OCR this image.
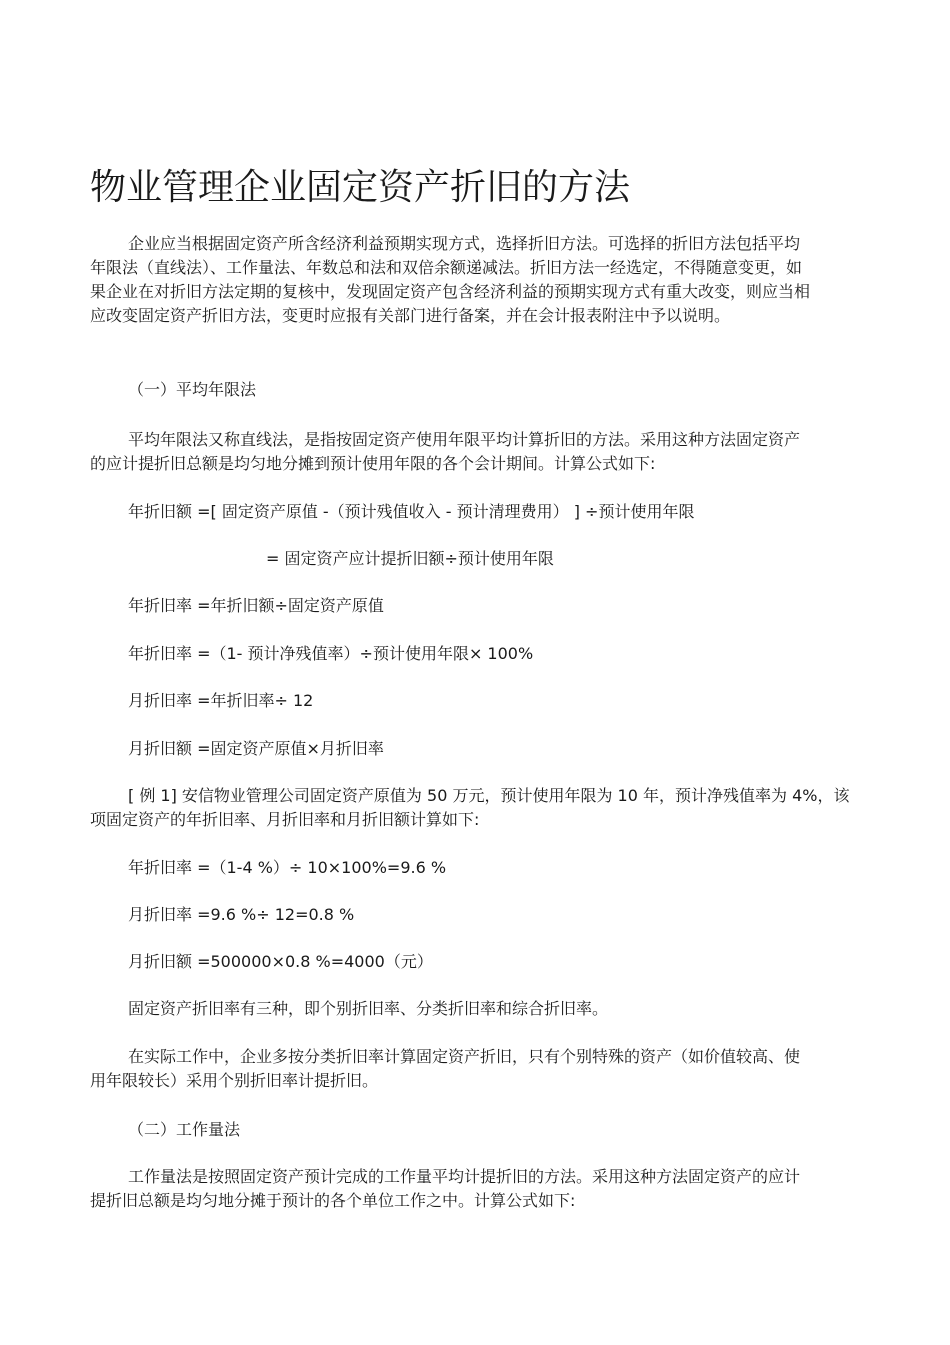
物业管理企业固定资产折旧的方法

企业应当根据固定资产所含经济利益预期实现方式，选择折旧方法。可选择的折旧方法包括平均年限法（直线法）、工作量法、年数总和法和双倍余额递减法。折旧方法一经选定，不得随意变更，如果企业在对折旧方法定期的复核中，发现固定资产包含经济利益的预期实现方式有重大改变，则应当相应改变固定资产折旧方法，变更时应报有关部门进行备案，并在会计报表附注中予以说明。

（一）平均年限法

平均年限法又称直线法，是指按固定资产使用年限平均计算折旧的方法。采用这种方法固定资产的应计提折旧总额是均匀地分摊到预计使用年限的各个会计期间。计算公式如下:

年折旧额 =[ 固定资产原值 -（预计残值收入 - 预计清理费用） ] ÷预计使用年限

= 固定资产应计提折旧额÷预计使用年限

年折旧率 =年折旧额÷固定资产原值

年折旧率 =（1- 预计净残值率）÷预计使用年限× 100%

月折旧率 =年折旧率÷ 12

月折旧额 =固定资产原值×月折旧率

[ 例 1] 安信物业管理公司固定资产原值为 50 万元，预计使用年限为 10 年，预计净残值率为 4%，该项固定资产的年折旧率、月折旧率和月折旧额计算如下:

年折旧率 =（1-4 %）÷ 10×100%=9.6 %

月折旧率 =9.6 %÷ 12=0.8 %

月折旧额 =500000×0.8 %=4000（元）

固定资产折旧率有三种，即个别折旧率、分类折旧率和综合折旧率。

在实际工作中，企业多按分类折旧率计算固定资产折旧，只有个别特殊的资产（如价值较高、使用年限较长）采用个别折旧率计提折旧。

（二）工作量法

工作量法是按照固定资产预计完成的工作量平均计提折旧的方法。采用这种方法固定资产的应计提折旧总额是均匀地分摊于预计的各个单位工作之中。计算公式如下:
